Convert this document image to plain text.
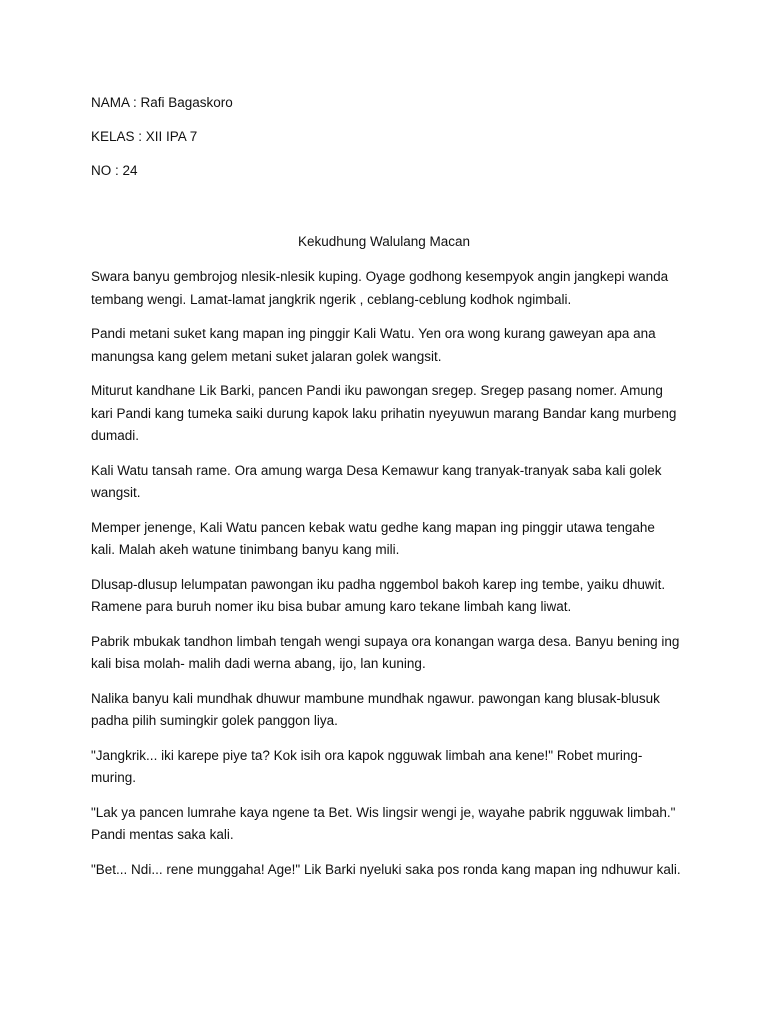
NAMA : Rafi Bagaskoro
KELAS : XII IPA 7
NO : 24
Kekudhung Walulang Macan

Swara banyu gembrojog nlesik-nlesik kuping. Oyage godhong kesempyok angin jangkepi wanda tembang wengi. Lamat-lamat jangkrik ngerik , ceblang-ceblung kodhok ngimbali.

Pandi metani suket kang mapan ing pinggir Kali Watu. Yen ora wong kurang gaweyan apa ana manungsa kang gelem metani suket jalaran golek wangsit.

Miturut kandhane Lik Barki, pancen Pandi iku pawongan sregep. Sregep pasang nomer. Amung kari Pandi kang tumeka saiki durung kapok laku prihatin nyeyuwun marang Bandar kang murbeng dumadi.

Kali Watu tansah rame. Ora amung warga Desa Kemawur kang tranyak-tranyak saba kali golek wangsit.

Memper jenenge, Kali Watu pancen kebak watu gedhe kang mapan ing pinggir utawa tengahe kali. Malah akeh watune tinimbang banyu kang mili.

Dlusap-dlusup lelumpatan pawongan iku padha nggembol bakoh karep ing tembe, yaiku dhuwit. Ramene para buruh nomer iku bisa bubar amung karo tekane limbah kang liwat.

Pabrik mbukak tandhon limbah tengah wengi supaya ora konangan warga desa. Banyu bening ing kali bisa molah- malih dadi werna abang, ijo, lan kuning.

Nalika banyu kali mundhak dhuwur mambune mundhak ngawur. pawongan kang blusak-blusuk padha pilih sumingkir golek panggon liya.

"Jangkrik... iki karepe piye ta? Kok isih ora kapok ngguwak limbah ana kene!" Robet muring-muring.

"Lak ya pancen lumrahe kaya ngene ta Bet. Wis lingsir wengi je, wayahe pabrik ngguwak limbah." Pandi mentas saka kali.

"Bet... Ndi... rene munggaha! Age!" Lik Barki nyeluki saka pos ronda kang mapan ing ndhuwur kali.
